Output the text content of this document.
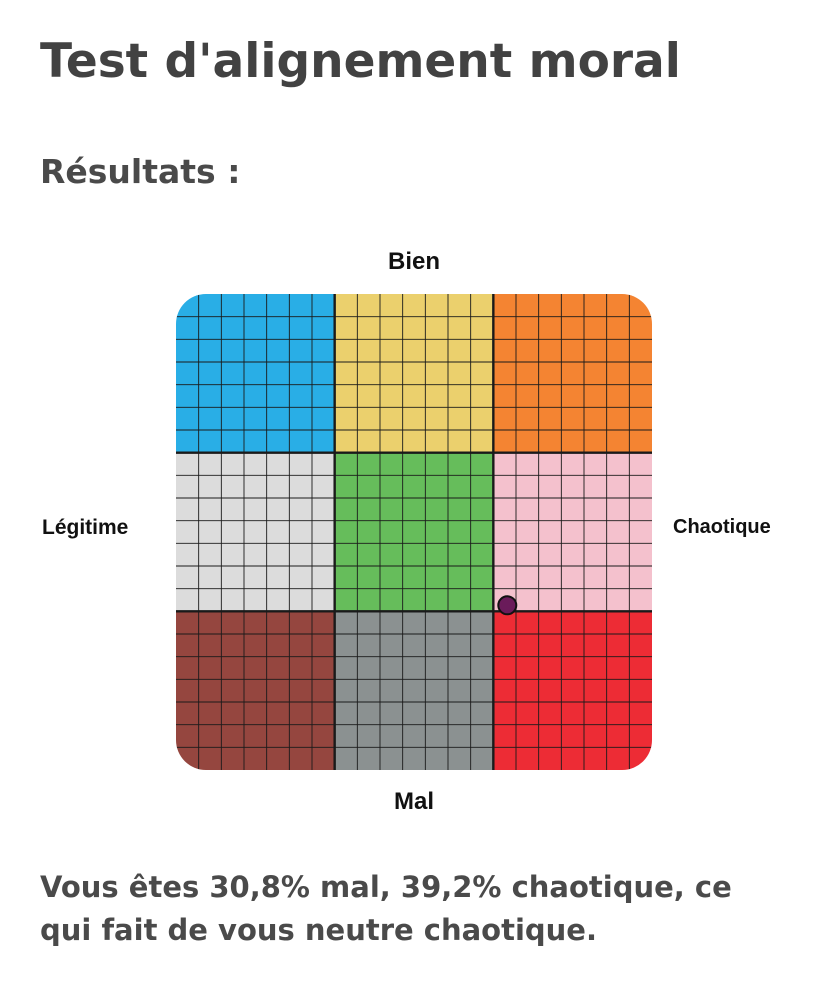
Test d'alignement moral
Résultats :
Bien
Légitime	Chaotique
Mal

Vous êtes 30,8% mal, 39,2% chaotique, ce qui fait de vous neutre chaotique.
